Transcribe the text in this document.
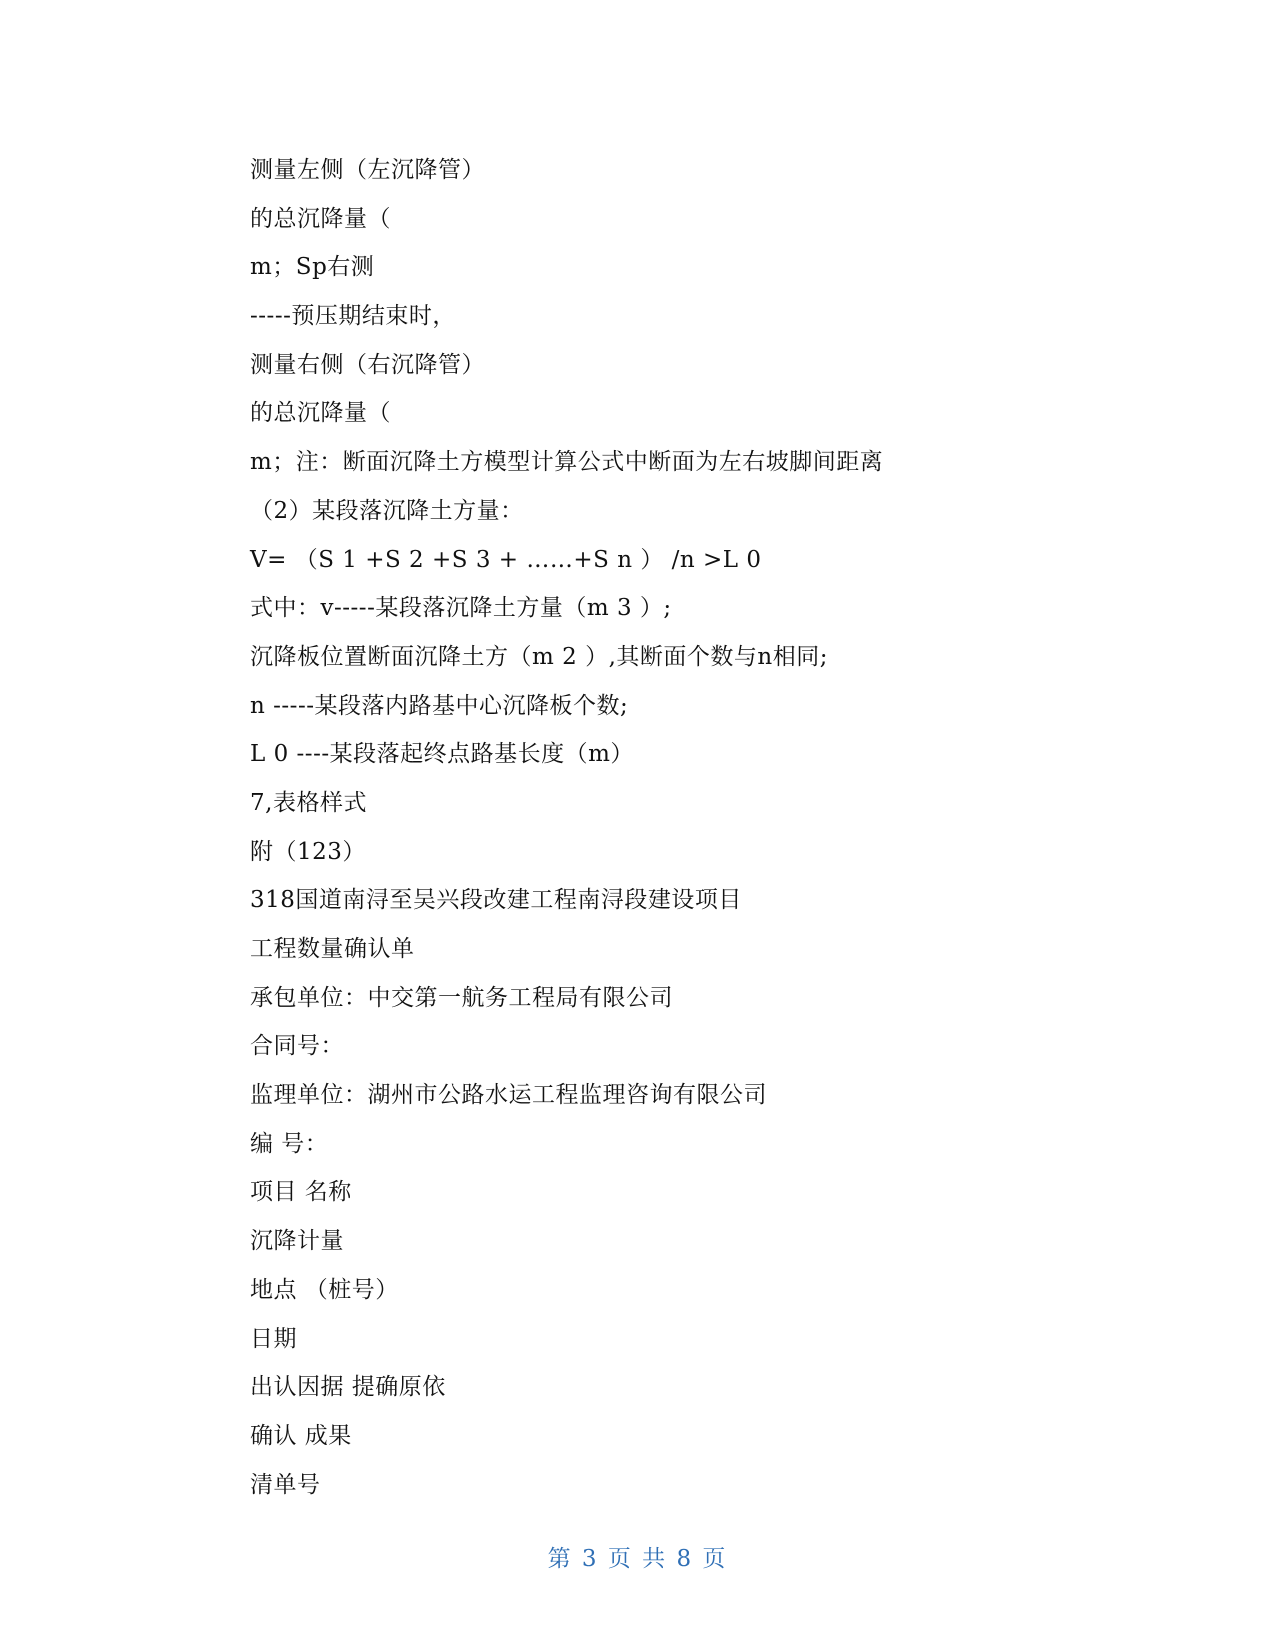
测量左侧（左沉降管）
的总沉降量（
m；Sp右测
-----预压期结束时，
测量右侧（右沉降管）
的总沉降量（
m；注：断面沉降土方模型计算公式中断面为左右坡脚间距离
（2）某段落沉降土方量：
V= （S 1 +S 2 +S 3 + ……+S n ） /n >L 0
式中：v-----某段落沉降土方量（m 3 ）;
沉降板位置断面沉降土方（m 2 ）,其断面个数与n相同;
n -----某段落内路基中心沉降板个数;
L 0 ----某段落起终点路基长度（m）
7,表格样式
附（123）
318国道南浔至吴兴段改建工程南浔段建设项目
工程数量确认单
承包单位：中交第一航务工程局有限公司
合同号：
监理单位：湖州市公路水运工程监理咨询有限公司
编 号：
项目 名称
沉降计量
地点 （桩号）
日期
出认因据 提确原依
确认 成果
清单号
第 3 页 共 8 页
